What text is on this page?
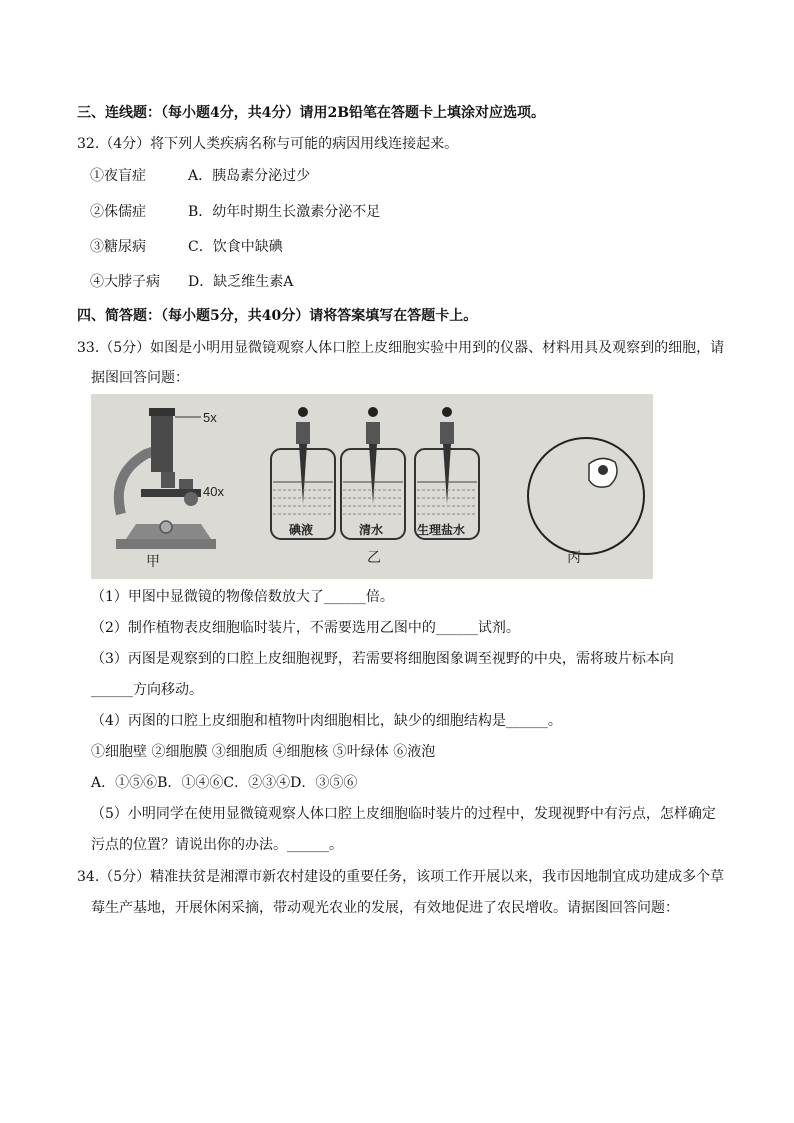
三、连线题：（每小题4分，共4分）请用2B铅笔在答题卡上填涂对应选项。
32.（4分）将下列人类疾病名称与可能的病因用线连接起来。
①夜盲症	A．胰岛素分泌过少
②侏儒症	B．幼年时期生长激素分泌不足
③糖尿病	C．饮食中缺碘
④大脖子病 D．缺乏维生素A
四、简答题：（每小题5分，共40分）请将答案填写在答题卡上。
33.（5分）如图是小明用显微镜观察人体口腔上皮细胞实验中用到的仪器、材料用具及观察到的细胞，请
据图回答问题：
5x
40x
甲
碘液	清水	生理盐水
乙	丙
（1）甲图中显微镜的物像倍数放大了______倍。
（2）制作植物表皮细胞临时装片，不需要选用乙图中的______试剂。
（3）丙图是观察到的口腔上皮细胞视野，若需要将细胞图象调至视野的中央，需将玻片标本向
______方向移动。
（4）丙图的口腔上皮细胞和植物叶肉细胞相比，缺少的细胞结构是______。
①细胞壁 ②细胞膜 ③细胞质 ④细胞核 ⑤叶绿体 ⑥液泡
A．①⑤⑥B．①④⑥C．②③④D．③⑤⑥
（5）小明同学在使用显微镜观察人体口腔上皮细胞临时装片的过程中，发现视野中有污点，怎样确定
污点的位置？请说出你的办法。______。
34.（5分）精准扶贫是湘潭市新农村建设的重要任务，该项工作开展以来，我市因地制宜成功建成多个草
莓生产基地，开展休闲采摘，带动观光农业的发展，有效地促进了农民增收。请据图回答问题：
